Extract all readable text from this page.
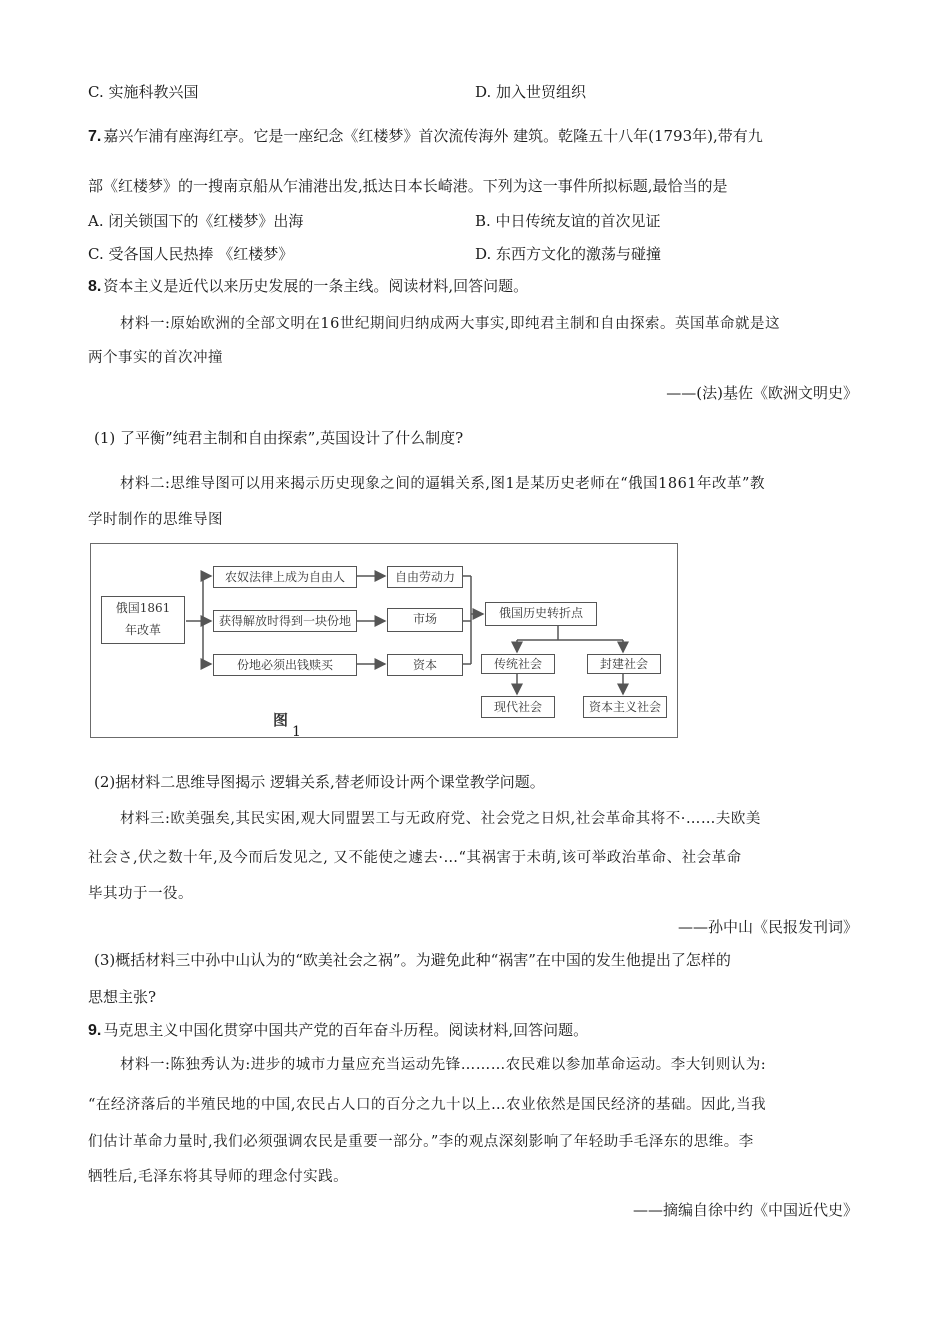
C. 实施科教兴国	D. 加入世贸组织
7. 嘉兴乍浦有座海红亭。它是一座纪念《红楼梦》首次流传海外 建筑。乾隆五十八年(1793年),带有九
部《红楼梦》的一搜南京船从乍浦港出发,抵达日本长崎港。下列为这一事件所拟标题,最恰当的是
A. 闭关锁国下的《红楼梦》出海	B. 中日传统友谊的首次见证
C. 受各国人民热捧 《红楼梦》	D. 东西方文化的激荡与碰撞
8. 资本主义是近代以来历史发展的一条主线。阅读材料,回答问题。
材料一:原始欧洲的全部文明在16世纪期间归纳成两大事实,即纯君主制和自由探索。英国革命就是这
两个事实的首次冲撞
——(法)基佐《欧洲文明史》
(1) 了平衡”纯君主制和自由探索”,英国设计了什么制度?
材料二:思维导图可以用来揭示历史现象之间的逼辑关系,图1是某历史老师在“俄国1861年改革”教
学时制作的思维导图
俄国1861
年改革
农奴法律上成为自由人
获得解放时得到一块份地
份地必须出钱赎买
自由劳动力
市场
资本
俄国历史转折点
传统社会	封建社会
现代社会	资本主义社会
图
1
(2)据材料二思维导图揭示 逻辑关系,替老师设计两个课堂教学问题。
材料三:欧美强矣,其民实困,观大同盟罢工与无政府党、社会党之日炽,社会革命其将不·……夫欧美
社会さ,伏之数十年,及今而后发见之, 又不能使之遽去·…“其祸害于未萌,该可举政治革命、社会革命
毕其功于一役。
——孙中山《民报发刊词》
(3)概括材料三中孙中山认为的“欧美社会之祸”。为避免此种“祸害”在中国的发生他提出了怎样的
思想主张?
9. 马克思主义中国化贯穿中国共产党的百年奋斗历程。阅读材料,回答问题。
材料一:陈独秀认为:进步的城市力量应充当运动先锋………农民难以参加革命运动。李大钊则认为:
“在经济落后的半殖民地的中国,农民占人口的百分之九十以上…农业依然是国民经济的基础。因此,当我
们估计革命力量时,我们必须强调农民是重要一部分。”李的观点深刻影响了年轻助手毛泽东的思维。李
牺牲后,毛泽东将其导师的理念付实践。
——摘编自徐中约《中国近代史》
